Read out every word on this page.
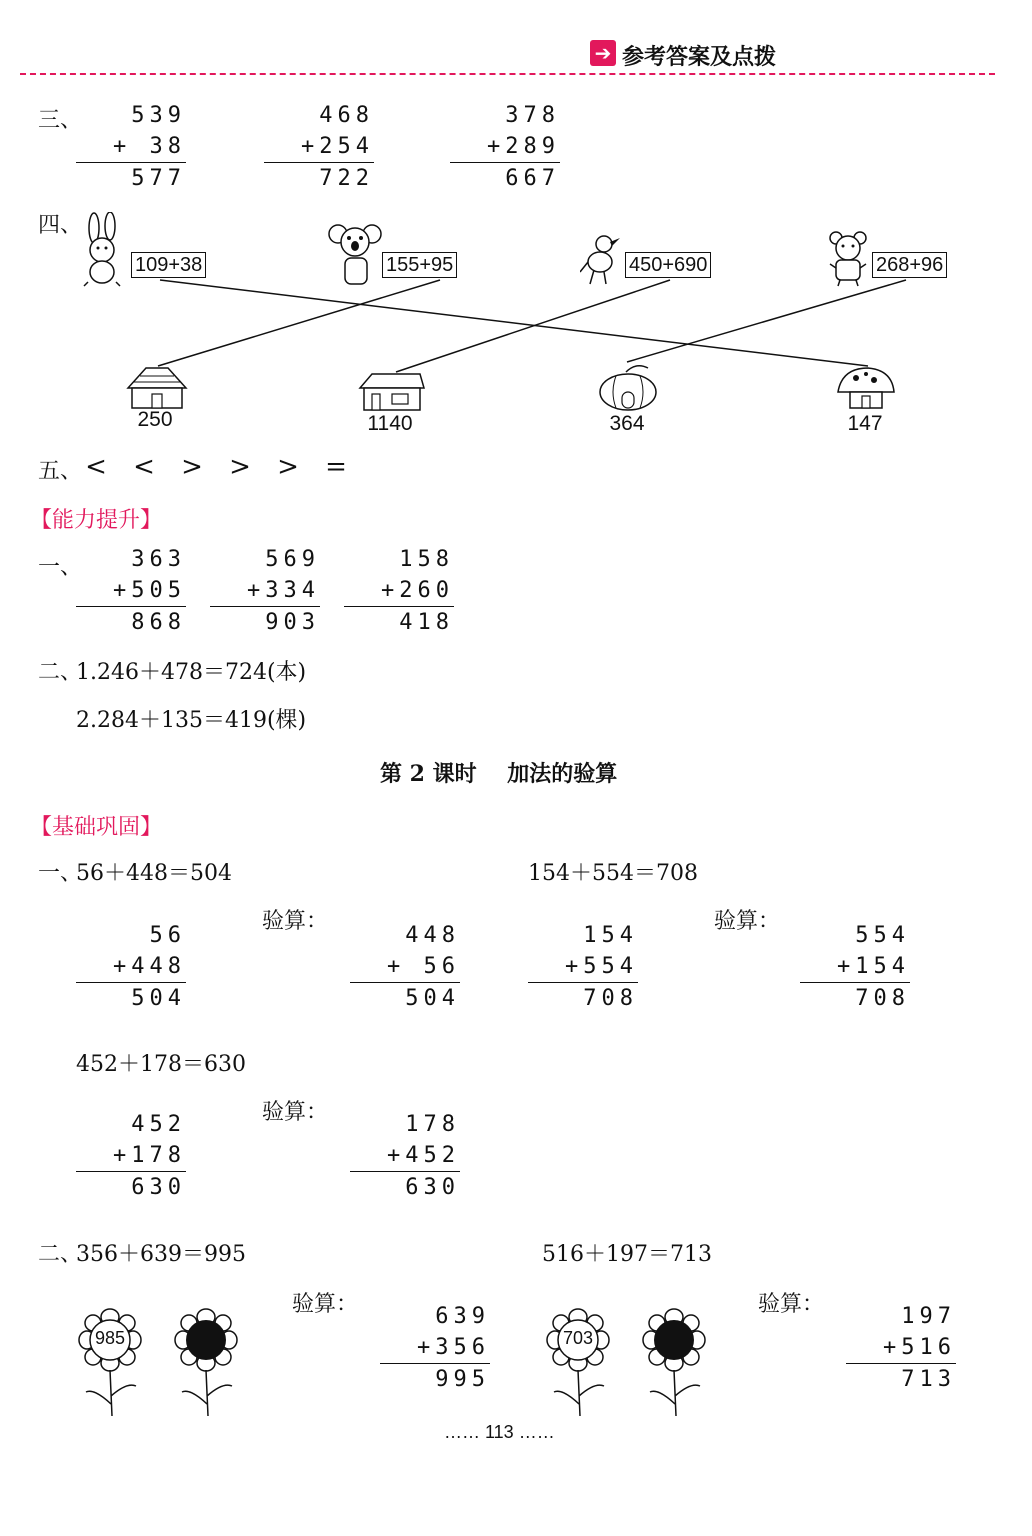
➔ 参考答案及点拨
三、	539
+ 38
577
468
+254
722
378
+289
667
四、
109+38	155+95	450+690	268+96
250	1140	364	147
五、 < < > > > =
【能力提升】
一、	363
+505
868
569
+334
903
158
+260
418
二、
1.246＋478＝724(本)
2.284＋135＝419(棵)
第 2 课时    加法的验算
【基础巩固】
一、
56＋448＝504	154＋554＝708
验算：	验算：
56
+448
504
448
+ 56
504
154
+554
708
554
+154
708
452＋178＝630
验算：
452
+178
630
178
+452
630
二、
356＋639＝995	516＋197＝713
验算：	验算：
639
+356
995
197
+516
713
985	703
…… 113 ……
